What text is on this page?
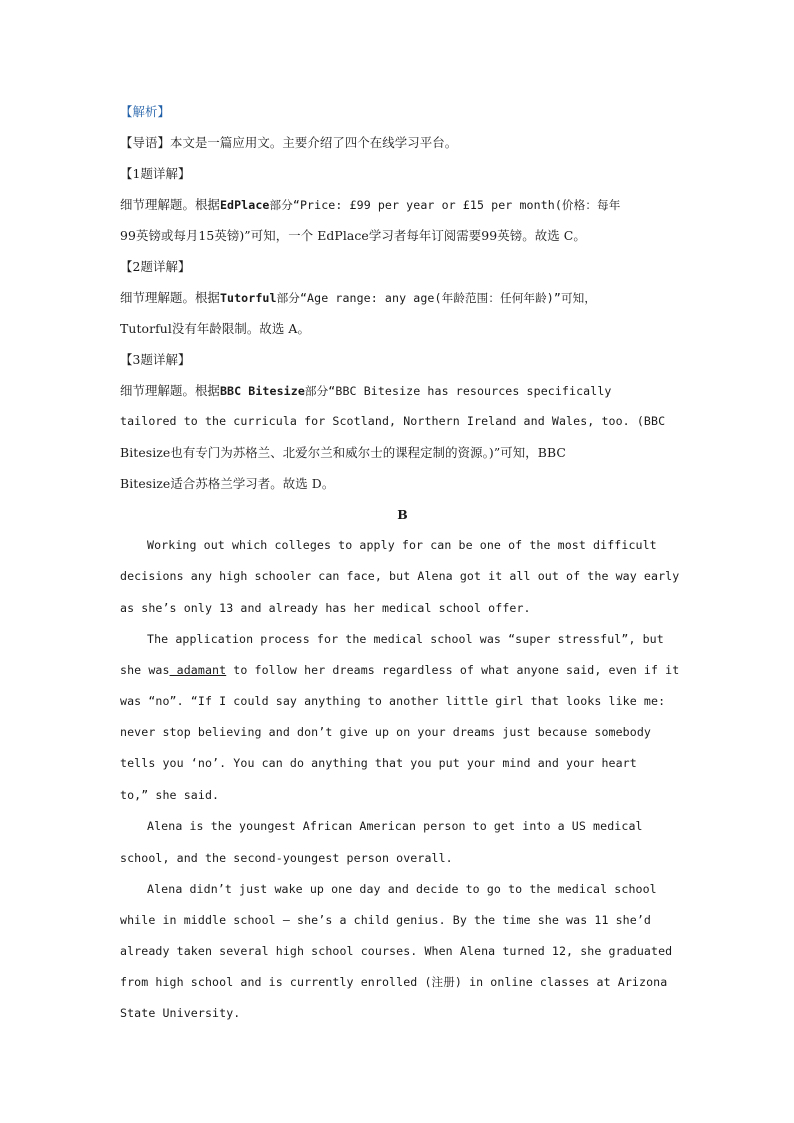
【解析】
【导语】本文是一篇应用文。主要介绍了四个在线学习平台。
【1题详解】
细节理解题。根据EdPlace部分“Price: £99 per year or £15 per month(价格：每年
99英镑或每月15英镑)”可知，一个 EdPlace学习者每年订阅需要99英镑。故选 C。
【2题详解】
细节理解题。根据Tutorful部分“Age range: any age(年龄范围：任何年龄)”可知，
Tutorful没有年龄限制。故选 A。
【3题详解】
细节理解题。根据BBC Bitesize部分“BBC Bitesize has resources specifically
tailored to the curricula for Scotland, Northern Ireland and Wales, too. (BBC
Bitesize也有专门为苏格兰、北爱尔兰和威尔士的课程定制的资源。)”可知，BBC
Bitesize适合苏格兰学习者。故选 D。
B
Working out which colleges to apply for can be one of the most difficult
decisions any high schooler can face, but Alena got it all out of the way early
as she’s only 13 and already has her medical school offer.
The application process for the medical school was “super stressful”, but
she was adamant to follow her dreams regardless of what anyone said, even if it
was “no”. “If I could say anything to another little girl that looks like me:
never stop believing and don’t give up on your dreams just because somebody
tells you ‘no’. You can do anything that you put your mind and your heart
to,” she said.
Alena is the youngest African American person to get into a US medical
school, and the second-youngest person overall.
Alena didn’t just wake up one day and decide to go to the medical school
while in middle school — she’s a child genius. By the time she was 11 she’d
already taken several high school courses. When Alena turned 12, she graduated
from high school and is currently enrolled (注册) in online classes at Arizona
State University.
